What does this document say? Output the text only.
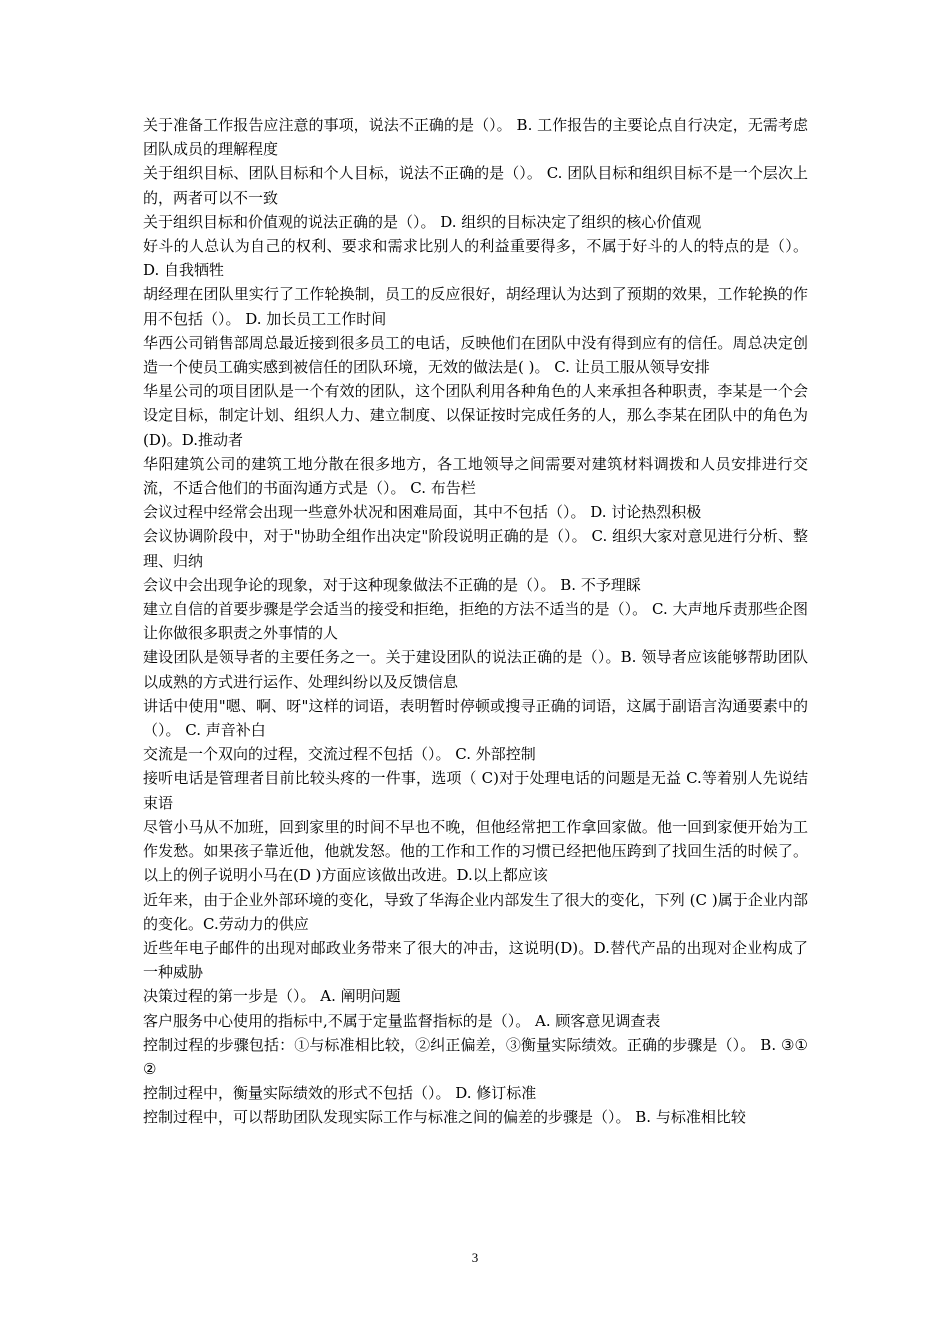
关于准备工作报告应注意的事项，说法不正确的是（）。 B. 工作报告的主要论点自行决定，无需考虑团队成员的理解程度

关于组织目标、团队目标和个人目标，说法不正确的是（）。 C. 团队目标和组织目标不是一个层次上的，两者可以不一致

关于组织目标和价值观的说法正确的是（）。 D. 组织的目标决定了组织的核心价值观

好斗的人总认为自己的权利、要求和需求比别人的利益重要得多，不属于好斗的人的特点的是（）。 D. 自我牺牲

胡经理在团队里实行了工作轮换制，员工的反应很好，胡经理认为达到了预期的效果，工作轮换的作用不包括（）。 D. 加长员工工作时间

华西公司销售部周总最近接到很多员工的电话，反映他们在团队中没有得到应有的信任。周总决定创造一个使员工确实感到被信任的团队环境，无效的做法是( )。 C. 让员工服从领导安排

华星公司的项目团队是一个有效的团队，这个团队利用各种角色的人来承担各种职责，李某是一个会设定目标，制定计划、组织人力、建立制度、以保证按时完成任务的人，那么李某在团队中的角色为(D)。D.推动者

华阳建筑公司的建筑工地分散在很多地方，各工地领导之间需要对建筑材料调拨和人员安排进行交流，不适合他们的书面沟通方式是（）。 C. 布告栏

会议过程中经常会出现一些意外状况和困难局面，其中不包括（）。 D. 讨论热烈积极

会议协调阶段中，对于"协助全组作出决定"阶段说明正确的是（）。 C. 组织大家对意见进行分析、整理、归纳

会议中会出现争论的现象，对于这种现象做法不正确的是（）。 B. 不予理睬

建立自信的首要步骤是学会适当的接受和拒绝，拒绝的方法不适当的是（）。 C. 大声地斥责那些企图让你做很多职责之外事情的人

建设团队是领导者的主要任务之一。关于建设团队的说法正确的是（）。B. 领导者应该能够帮助团队以成熟的方式进行运作、处理纠纷以及反馈信息

讲话中使用"嗯、啊、呀"这样的词语，表明暂时停顿或搜寻正确的词语，这属于副语言沟通要素中的（）。 C. 声音补白

交流是一个双向的过程，交流过程不包括（）。 C. 外部控制

接听电话是管理者目前比较头疼的一件事，选项（ C)对于处理电话的问题是无益 C.等着别人先说结束语

尽管小马从不加班，回到家里的时间不早也不晚，但他经常把工作拿回家做。他一回到家便开始为工作发愁。如果孩子靠近他，他就发怒。他的工作和工作的习惯已经把他压跨到了找回生活的时候了。以上的例子说明小马在(D )方面应该做出改进。D.以上都应该

近年来，由于企业外部环境的变化，导致了华海企业内部发生了很大的变化，下列 (C )属于企业内部的变化。C.劳动力的供应

近些年电子邮件的出现对邮政业务带来了很大的冲击，这说明(D)。D.替代产品的出现对企业构成了一种威胁

决策过程的第一步是（）。 A. 阐明问题

客户服务中心使用的指标中,不属于定量监督指标的是（）。 A. 顾客意见调查表

控制过程的步骤包括：①与标准相比较，②纠正偏差，③衡量实际绩效。正确的步骤是（）。 B. ③①②

控制过程中，衡量实际绩效的形式不包括（）。 D. 修订标准

控制过程中，可以帮助团队发现实际工作与标准之间的偏差的步骤是（）。 B. 与标准相比较

3
